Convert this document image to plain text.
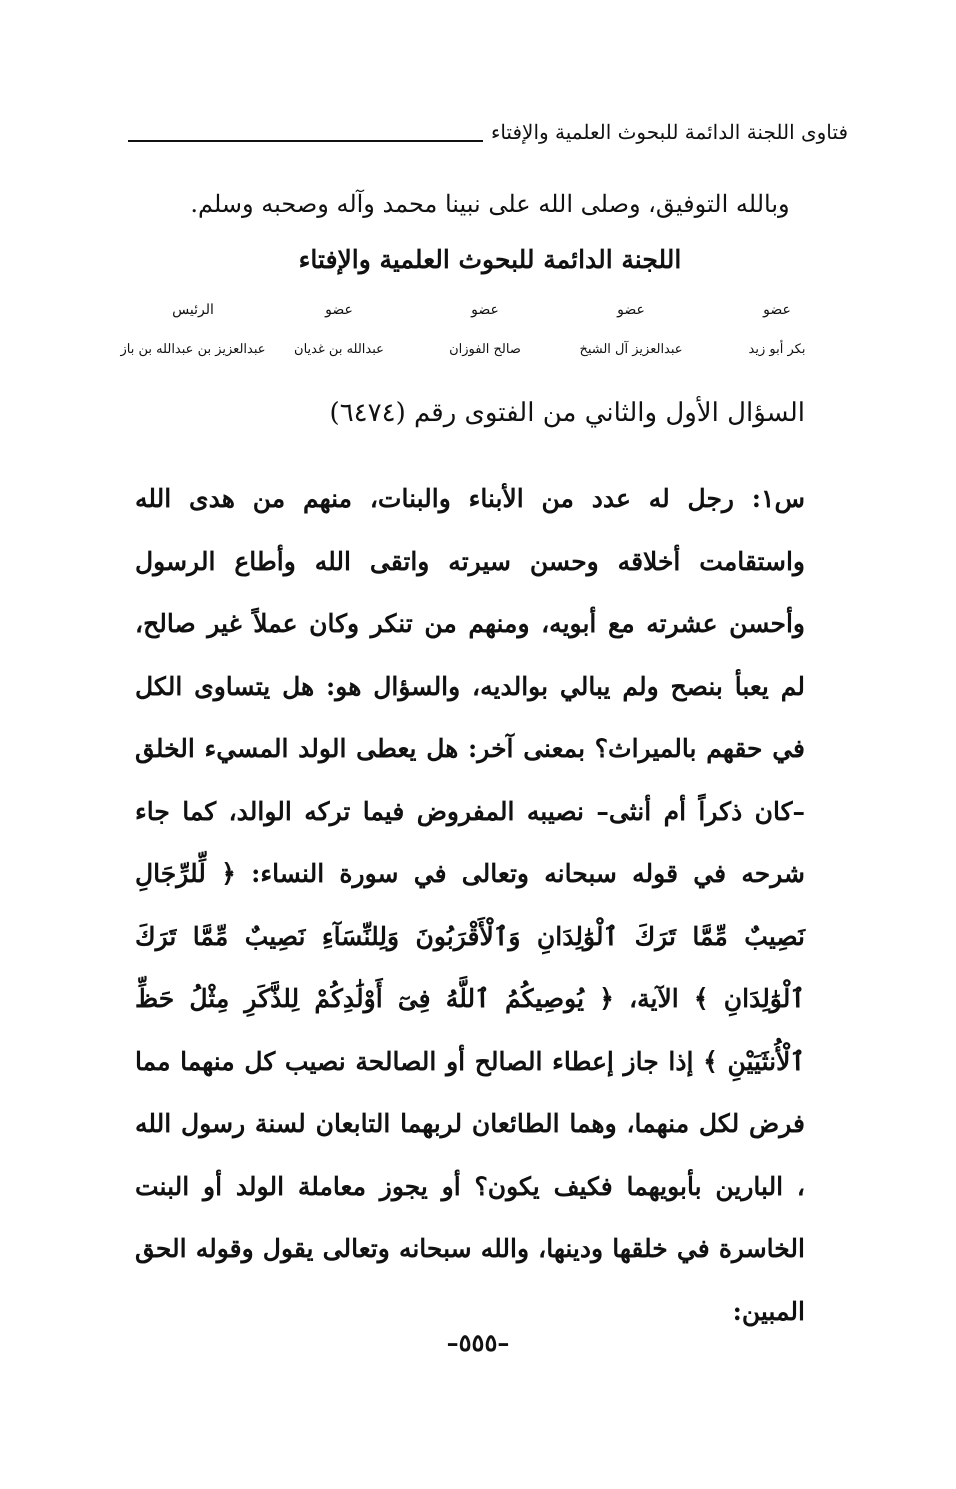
فتاوى اللجنة الدائمة للبحوث العلمية والإفتاء
وبالله التوفيق، وصلى الله على نبينا محمد وآله وصحبه وسلم.
اللجنة الدائمة للبحوث العلمية والإفتاء
عضو
عضو
عضو
عضو
الرئيس
بكر أبو زيد
عبدالعزيز آل الشيخ
صالح الفوزان
عبدالله بن غديان
عبدالعزيز بن عبدالله بن باز
السؤال الأول والثاني من الفتوى رقم (٦٤٧٤)
س١: رجل له عدد من الأبناء والبنات، منهم من هدى الله واستقامت أخلاقه وحسن سيرته واتقى الله وأطاع الرسول وأحسن عشرته مع أبويه، ومنهم من تنكر وكان عملاً غير صالح، لم يعبأ بنصح ولم يبالي بوالديه، والسؤال هو: هل يتساوى الكل في حقهم بالميراث؟ بمعنى آخر: هل يعطى الولد المسيء الخلق –كان ذكراً أم أنثى– نصيبه المفروض فيما تركه الوالد، كما جاء شرحه في قوله سبحانه وتعالى في سورة النساء: ﴿ لِّلرِّجَالِ نَصِيبٌ مِّمَّا تَرَكَ ٱلْوَٰلِدَانِ وَٱلْأَقْرَبُونَ وَلِلنِّسَآءِ نَصِيبٌ مِّمَّا تَرَكَ ٱلْوَٰلِدَانِ ﴾ الآية، ﴿ يُوصِيكُمُ ٱللَّهُ فِىٓ أَوْلَٰدِكُمْ لِلذَّكَرِ مِثْلُ حَظِّ ٱلْأُنثَيَيْنِ ﴾ إذا جاز إعطاء الصالح أو الصالحة نصيب كل منهما مما فرض لكل منهما، وهما الطائعان لربهما التابعان لسنة رسول الله ، البارين بأبويهما فكيف يكون؟ أو يجوز معاملة الولد أو البنت الخاسرة في خلقها ودينها، والله سبحانه وتعالى يقول وقوله الحق المبين:
–٥٥٥–
